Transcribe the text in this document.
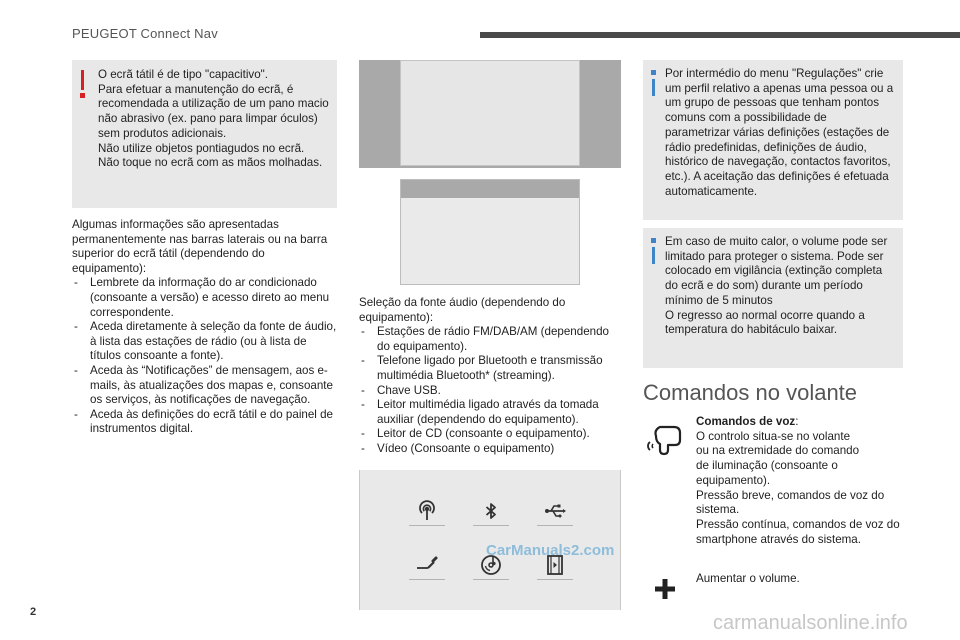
PEUGEOT Connect Nav

O ecrã tátil é de tipo "capacitivo".
Para efetuar a manutenção do ecrã, é recomendada a utilização de um pano macio não abrasivo (ex. pano para limpar óculos) sem produtos adicionais.
Não utilize objetos pontiagudos no ecrã.
Não toque no ecrã com as mãos molhadas.

Algumas informações são apresentadas permanentemente nas barras laterais ou na barra superior do ecrã tátil (dependendo do equipamento):
- Lembrete da informação do ar condicionado (consoante a versão) e acesso direto ao menu correspondente.
- Aceda diretamente à seleção da fonte de áudio, à lista das estações de rádio (ou à lista de títulos consoante a fonte).
- Aceda às “Notificações” de mensagem, aos e-mails, às atualizações dos mapas e, consoante os serviços, às notificações de navegação.
- Aceda às definições do ecrã tátil e do painel de instrumentos digital.
Seleção da fonte áudio (dependendo do equipamento):
- Estações de rádio FM/DAB/AM (dependendo do equipamento).
- Telefone ligado por Bluetooth e transmissão multimédia Bluetooth* (streaming).
- Chave USB.
- Leitor multimédia ligado através da tomada auxiliar (dependendo do equipamento).
- Leitor de CD (consoante o equipamento).
- Vídeo (Consoante o equipamento)
CarManuals2.com

Por intermédio do menu "Regulações" crie um perfil relativo a apenas uma pessoa ou a um grupo de pessoas que tenham pontos comuns com a possibilidade de parametrizar várias definições (estações de rádio predefinidas, definições de áudio, histórico de navegação, contactos favoritos, etc.). A aceitação das definições é efetuada automaticamente.

Em caso de muito calor, o volume pode ser limitado para proteger o sistema. Pode ser colocado em vigilância (extinção completa do ecrã e do som) durante um período mínimo de 5 minutos
O regresso ao normal ocorre quando a temperatura do habitáculo baixar.

Comandos no volante
Comandos de voz:
O controlo situa-se no volante
ou na extremidade do comando
de iluminação (consoante o
equipamento).
Pressão breve, comandos de voz do sistema.
Pressão contínua, comandos de voz do smartphone através do sistema.
Aumentar o volume.
2	carmanualsonline.info
